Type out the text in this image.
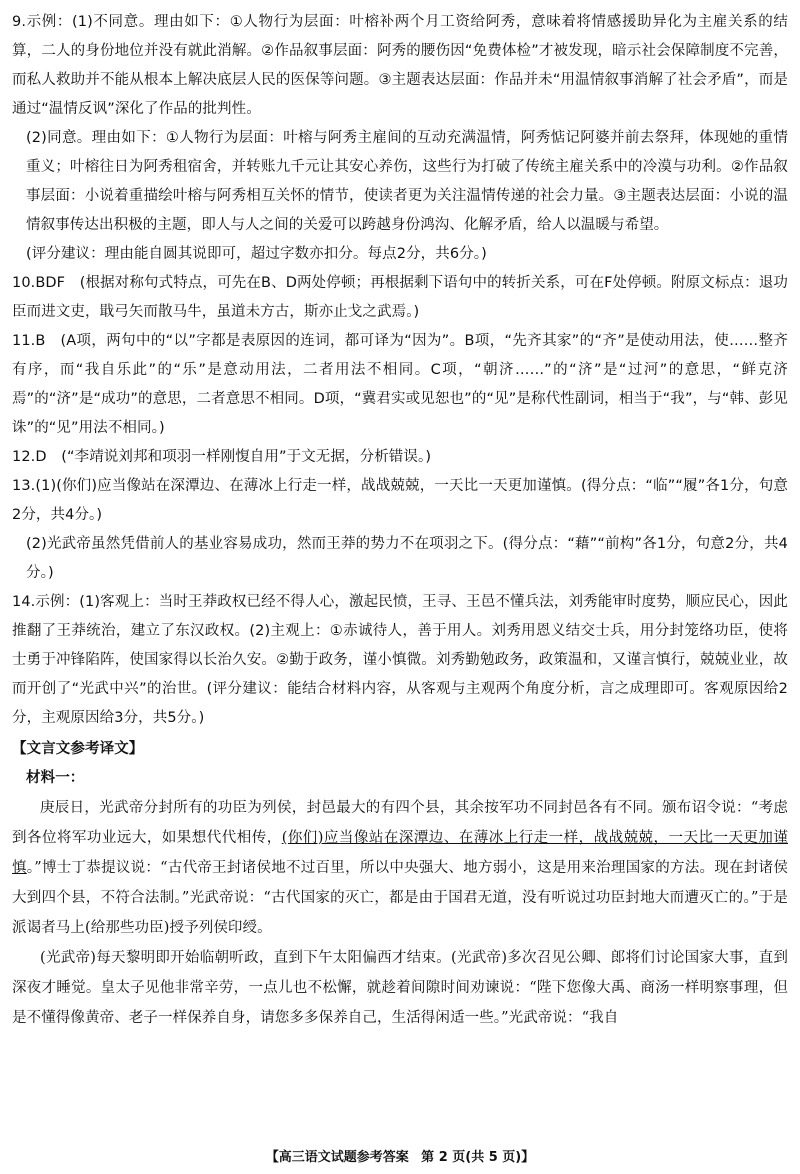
9.示例：(1)不同意。理由如下：①人物行为层面：叶榕补两个月工资给阿秀，意味着将情感援助异化为主雇关系的结算，二人的身份地位并没有就此消解。②作品叙事层面：阿秀的腰伤因“免费体检”才被发现，暗示社会保障制度不完善，而私人救助并不能从根本上解决底层人民的医保等问题。③主题表达层面：作品并未“用温情叙事消解了社会矛盾”，而是通过“温情反讽”深化了作品的批判性。

(2)同意。理由如下：①人物行为层面：叶榕与阿秀主雇间的互动充满温情，阿秀惦记阿婆并前去祭拜，体现她的重情重义；叶榕往日为阿秀租宿舍，并转账九千元让其安心养伤，这些行为打破了传统主雇关系中的冷漠与功利。②作品叙事层面：小说着重描绘叶榕与阿秀相互关怀的情节，使读者更为关注温情传递的社会力量。③主题表达层面：小说的温情叙事传达出积极的主题，即人与人之间的关爱可以跨越身份鸿沟、化解矛盾，给人以温暖与希望。

(评分建议：理由能自圆其说即可，超过字数亦扣分。每点2分，共6分。)

10.BDF　(根据对称句式特点，可先在B、D两处停顿；再根据剩下语句中的转折关系，可在F处停顿。附原文标点：退功臣而进文吏，戢弓矢而散马牛，虽道未方古，斯亦止戈之武焉。)

11.B　(A项，两句中的“以”字都是表原因的连词，都可译为“因为”。B项，“先齐其家”的“齐”是使动用法，使……整齐有序，而“我自乐此”的“乐”是意动用法，二者用法不相同。C项，“朝济……”的“济”是“过河”的意思，“鲜克济焉”的“济”是“成功”的意思，二者意思不相同。D项，“冀君实或见恕也”的“见”是称代性副词，相当于“我”，与“韩、彭见诛”的“见”用法不相同。)

12.D　(“李靖说刘邦和项羽一样刚愎自用”于文无据，分析错误。)

13.(1)(你们)应当像站在深潭边、在薄冰上行走一样，战战兢兢，一天比一天更加谨慎。(得分点：“临”“履”各1分，句意2分，共4分。)

(2)光武帝虽然凭借前人的基业容易成功，然而王莽的势力不在项羽之下。(得分点：“藉”“前构”各1分，句意2分，共4分。)

14.示例：(1)客观上：当时王莽政权已经不得人心，激起民愤，王寻、王邑不懂兵法，刘秀能审时度势，顺应民心，因此推翻了王莽统治，建立了东汉政权。(2)主观上：①赤诚待人，善于用人。刘秀用恩义结交士兵，用分封笼络功臣，使将士勇于冲锋陷阵，使国家得以长治久安。②勤于政务，谨小慎微。刘秀勤勉政务，政策温和，又谨言慎行，兢兢业业，故而开创了“光武中兴”的治世。(评分建议：能结合材料内容，从客观与主观两个角度分析，言之成理即可。客观原因给2分，主观原因给3分，共5分。)

【文言文参考译文】

材料一：

庚辰日，光武帝分封所有的功臣为列侯，封邑最大的有四个县，其余按军功不同封邑各有不同。颁布诏令说：“考虑到各位将军功业远大，如果想代代相传，(你们)应当像站在深潭边、在薄冰上行走一样，战战兢兢，一天比一天更加谨慎。”博士丁恭提议说：“古代帝王封诸侯地不过百里，所以中央强大、地方弱小，这是用来治理国家的方法。现在封诸侯大到四个县，不符合法制。”光武帝说：“古代国家的灭亡，都是由于国君无道，没有听说过功臣封地大而遭灭亡的。”于是派谒者马上(给那些功臣)授予列侯印绶。

(光武帝)每天黎明即开始临朝听政，直到下午太阳偏西才结束。(光武帝)多次召见公卿、郎将们讨论国家大事，直到深夜才睡觉。皇太子见他非常辛劳，一点儿也不松懈，就趁着间隙时间劝谏说：“陛下您像大禹、商汤一样明察事理，但是不懂得像黄帝、老子一样保养自身，请您多多保养自己，生活得闲适一些。”光武帝说：“我自

【高三语文试题参考答案 第 2 页(共 5 页)】
